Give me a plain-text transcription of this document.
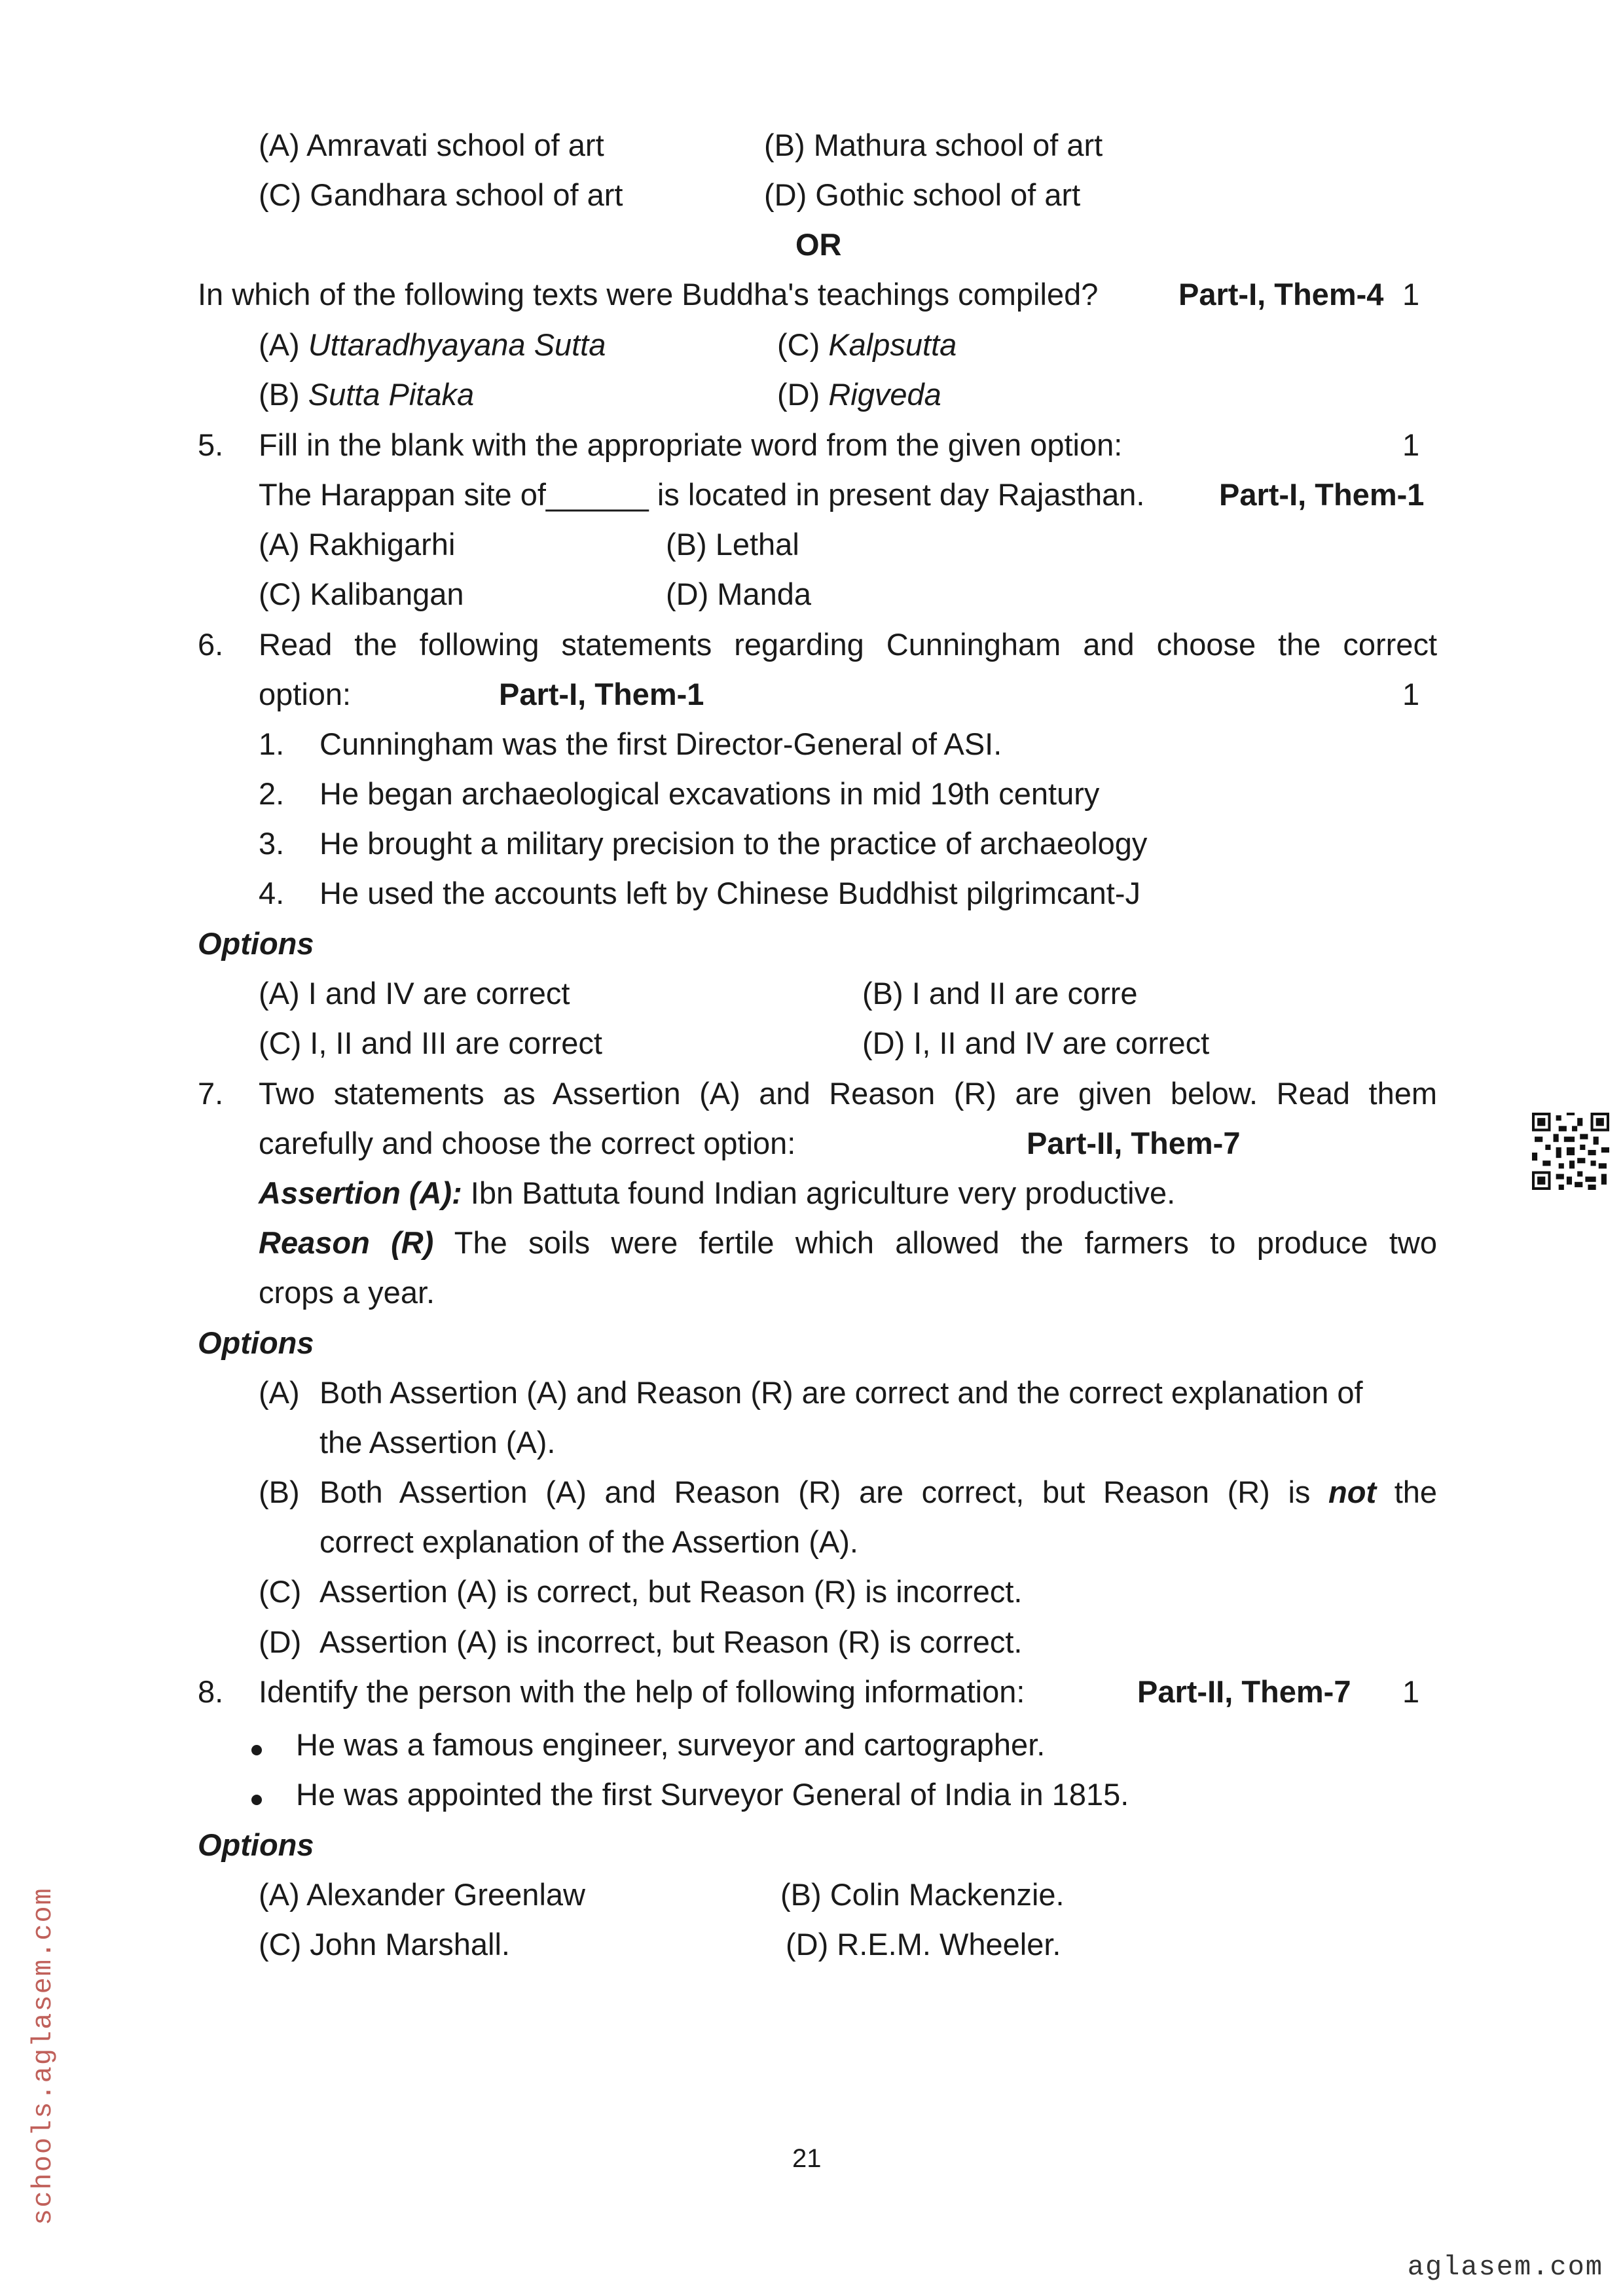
(A) Amravati school of art	(B) Mathura school of art
(C) Gandhara school of art	(D) Gothic school of art
OR
In which of the following texts were Buddha's teachings compiled?	Part-I, Them-4 1
(A) Uttaradhyayana Sutta	(C) Kalpsutta
(B) Sutta Pitaka	(D) Rigveda
5. Fill in the blank with the appropriate word from the given option:	1
The Harappan site of______ is located in present day Rajasthan. Part-I, Them-1
(A) Rakhigarhi	(B) Lethal
(C) Kalibangan	(D) Manda
6. Read the following statements regarding Cunningham and choose the correct
option:	Part-I, Them-1	1
1. Cunningham was the first Director-General of ASI.
2. He began archaeological excavations in mid 19th century
3. He brought a military precision to the practice of archaeology
4. He used the accounts left by Chinese Buddhist pilgrimcant-J
Options
(A) I and IV are correct	(B) I and II are corre
(C) I, II and III are correct	(D) I, II and IV are correct
7. Two statements as Assertion (A) and Reason (R) are given below. Read them
carefully and choose the correct option:	Part-II, Them-7
Assertion (A): Ibn Battuta found Indian agriculture very productive.
Reason (R) The soils were fertile which allowed the farmers to produce two
crops a year.
Options
(A) Both Assertion (A) and Reason (R) are correct and the correct explanation of
the Assertion (A).
(B) Both Assertion (A) and Reason (R) are correct, but Reason (R) is not the
correct explanation of the Assertion (A).
(C) Assertion (A) is correct, but Reason (R) is incorrect.
(D) Assertion (A) is incorrect, but Reason (R) is correct.
8. Identify the person with the help of following information:	Part-II, Them-7 1
He was a famous engineer, surveyor and cartographer.
He was appointed the first Surveyor General of India in 1815.
Options
(A) Alexander Greenlaw	(B) Colin Mackenzie.
(C) John Marshall.	(D) R.E.M. Wheeler.
21
schools.aglasem.com
aglasem.com
